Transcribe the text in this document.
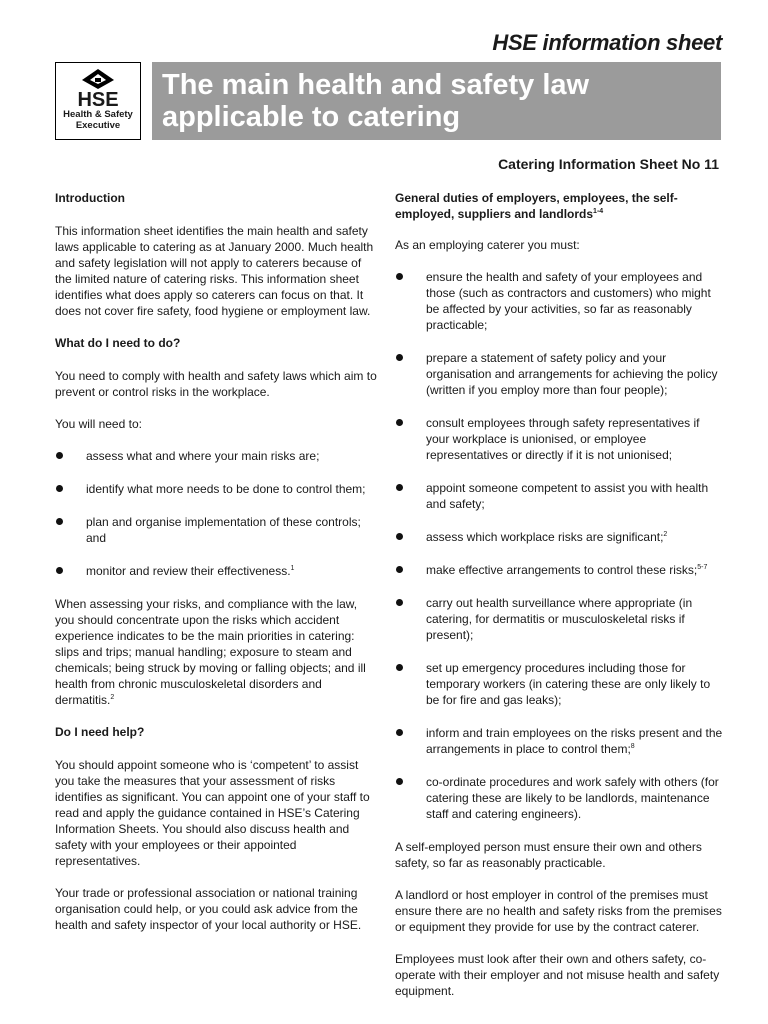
HSE information sheet
HSE
Health & Safety
Executive
The main health and safety law
applicable to catering
Catering Information Sheet No 11
Introduction

This information sheet identifies the main health and safety laws applicable to catering as at January 2000. Much health and safety legislation will not apply to caterers because of the limited nature of catering risks. This information sheet identifies what does apply so caterers can focus on that. It does not cover fire safety, food hygiene or employment law.

What do I need to do?

You need to comply with health and safety laws which aim to prevent or control risks in the workplace.

You will need to:

assess what and where your main risks are;
identify what more needs to be done to control them;
plan and organise implementation of these controls; and
monitor and review their effectiveness.$^1$

When assessing your risks, and compliance with the law, you should concentrate upon the risks which accident experience indicates to be the main priorities in catering: slips and trips; manual handling; exposure to steam and chemicals; being struck by moving or falling objects; and ill health from chronic musculoskeletal disorders and dermatitis.$^2$

Do I need help?

You should appoint someone who is ‘competent’ to assist you take the measures that your assessment of risks identifies as significant. You can appoint one of your staff to read and apply the guidance contained in HSE’s Catering Information Sheets. You should also discuss health and safety with your employees or their appointed representatives.

Your trade or professional association or national training organisation could help, or you could ask advice from the health and safety inspector of your local authority or HSE.

General duties of employers, employees, the self-employed, suppliers and landlords$^{1-4}$

As an employing caterer you must:

ensure the health and safety of your employees and those (such as contractors and customers) who might be affected by your activities, so far as reasonably practicable;
prepare a statement of safety policy and your organisation and arrangements for achieving the policy (written if you employ more than four people);
consult employees through safety representatives if your workplace is unionised, or employee representatives or directly if it is not unionised;
appoint someone competent to assist you with health and safety;
assess which workplace risks are significant;$^2$
make effective arrangements to control these risks;$^{5-7}$
carry out health surveillance where appropriate (in catering, for dermatitis or musculoskeletal risks if present);
set up emergency procedures including those for temporary workers (in catering these are only likely to be for fire and gas leaks);
inform and train employees on the risks present and the arrangements in place to control them;$^8$
co-ordinate procedures and work safely with others (for catering these are likely to be landlords, maintenance staff and catering engineers).

A self-employed person must ensure their own and others safety, so far as reasonably practicable.

A landlord or host employer in control of the premises must ensure there are no health and safety risks from the premises or equipment they provide for use by the contract caterer.

Employees must look after their own and others safety, co-operate with their employer and not misuse health and safety equipment.
